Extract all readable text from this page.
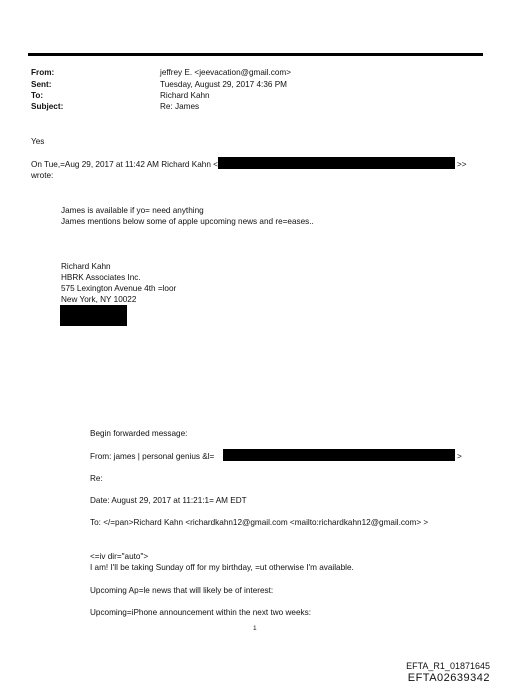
From:	jeffrey E. <jeevacation@gmail.com>
Sent:	Tuesday, August 29, 2017 4:36 PM
To:	Richard Kahn
Subject:	Re: James
Yes
On Tue,=Aug 29, 2017 at 11:42 AM Richard Kahn <	>>
wrote:
James is available if yo= need anything
James mentions below some of apple upcoming news and re=eases..
Richard Kahn
HBRK Associates Inc.
575 Lexington Avenue 4th =loor
New York, NY 10022
Begin forwarded message:
From: james | personal genius &l=	>
Re:
Date: August 29, 2017 at 11:21:1= AM EDT
To: </=pan>Richard Kahn <richardkahn12@gmail.com <mailto:richardkahn12@gmail.com> >
<=iv dir="auto">
I am! I'll be taking Sunday off for my birthday, =ut otherwise I'm available.
Upcoming Ap=le news that will likely be of interest:
Upcoming=iPhone announcement within the next two weeks:
1
EFTA_R1_01871645
EFTA02639342
